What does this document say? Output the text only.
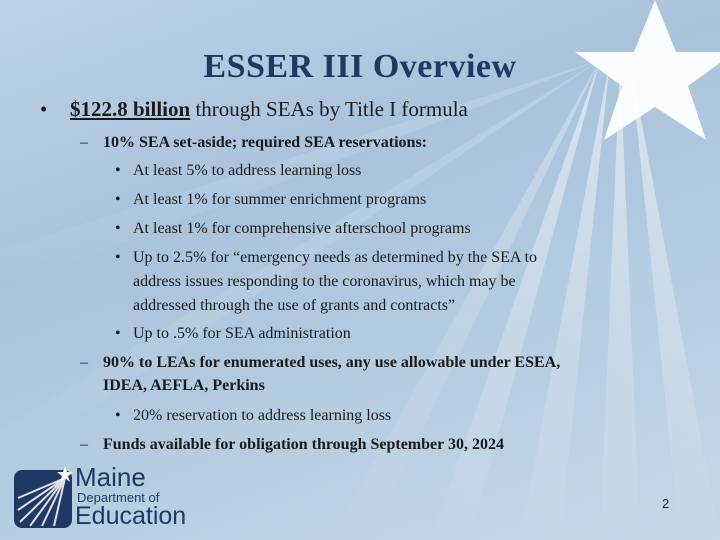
ESSER III Overview
• $122.8 billion through SEAs by Title I formula
– 10% SEA set-aside; required SEA reservations:
• At least 5% to address learning loss
• At least 1% for summer enrichment programs
• At least 1% for comprehensive afterschool programs
• Up to 2.5% for “emergency needs as determined by the SEA to
address issues responding to the coronavirus, which may be
addressed through the use of grants and contracts”
• Up to .5% for SEA administration
– 90% to LEAs for enumerated uses, any use allowable under ESEA,
IDEA, AEFLA, Perkins
• 20% reservation to address learning loss
– Funds available for obligation through September 30, 2024
Maine
Department of
Education	2
